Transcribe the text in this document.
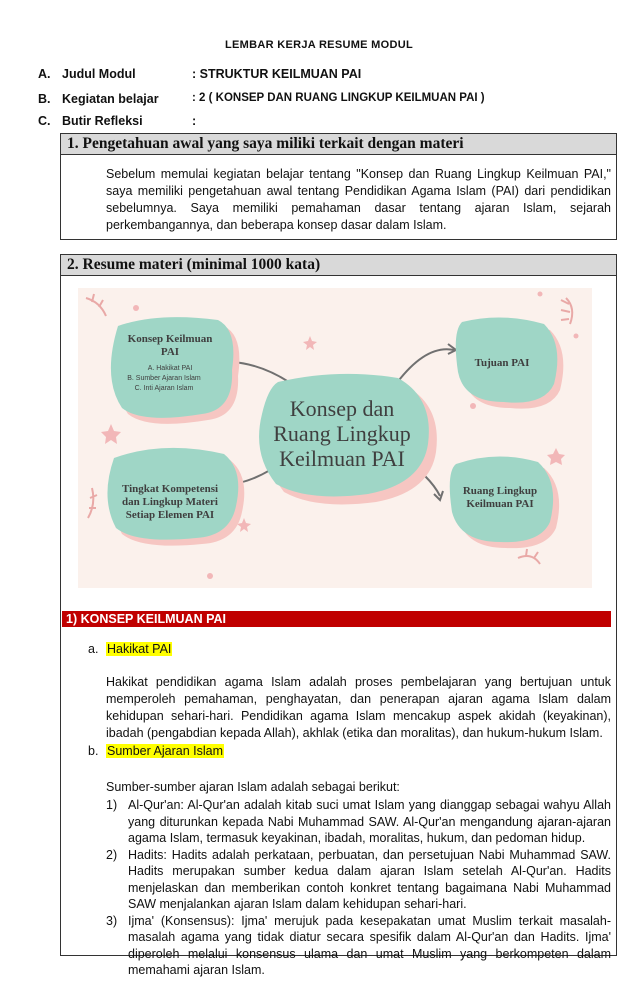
LEMBAR KERJA RESUME MODUL
A. Judul Modul	: STRUKTUR KEILMUAN PAI
B. Kegiatan belajar	: 2 ( KONSEP DAN RUANG LINGKUP KEILMUAN PAI )
C. Butir Refleksi	:
1. Pengetahuan awal yang saya miliki terkait dengan materi
Sebelum memulai kegiatan belajar tentang "Konsep dan Ruang Lingkup Keilmuan PAI," saya memiliki pengetahuan awal tentang Pendidikan Agama Islam (PAI) dari pendidikan sebelumnya. Saya memiliki pemahaman dasar tentang ajaran Islam, sejarah perkembangannya, dan beberapa konsep dasar dalam Islam.
2. Resume materi (minimal 1000 kata)
Konsep Keilmuan
PAI
A. Hakikat PAI
B. Sumber Ajaran Islam
C. Inti Ajaran Islam
Tujuan PAI
Konsep dan
Ruang Lingkup
Keilmuan PAI
Tingkat Kompetensi
dan Lingkup Materi
Setiap Elemen PAI
Ruang Lingkup
Keilmuan PAI
1) KONSEP KEILMUAN PAI
a. Hakikat PAI
Hakikat pendidikan agama Islam adalah proses pembelajaran yang bertujuan untuk memperoleh pemahaman, penghayatan, dan penerapan ajaran agama Islam dalam kehidupan sehari-hari. Pendidikan agama Islam mencakup aspek akidah (keyakinan), ibadah (pengabdian kepada Allah), akhlak (etika dan moralitas), dan hukum-hukum Islam.
b. Sumber Ajaran Islam
Sumber-sumber ajaran Islam adalah sebagai berikut:
1) Al-Qur'an: Al-Qur'an adalah kitab suci umat Islam yang dianggap sebagai wahyu Allah yang diturunkan kepada Nabi Muhammad SAW. Al-Qur'an mengandung ajaran-ajaran agama Islam, termasuk keyakinan, ibadah, moralitas, hukum, dan pedoman hidup.
2) Hadits: Hadits adalah perkataan, perbuatan, dan persetujuan Nabi Muhammad SAW. Hadits merupakan sumber kedua dalam ajaran Islam setelah Al-Qur'an. Hadits menjelaskan dan memberikan contoh konkret tentang bagaimana Nabi Muhammad SAW menjalankan ajaran Islam dalam kehidupan sehari-hari.
3) Ijma' (Konsensus): Ijma' merujuk pada kesepakatan umat Muslim terkait masalah-masalah agama yang tidak diatur secara spesifik dalam Al-Qur'an dan Hadits. Ijma' diperoleh melalui konsensus ulama dan umat Muslim yang berkompeten dalam memahami ajaran Islam.
